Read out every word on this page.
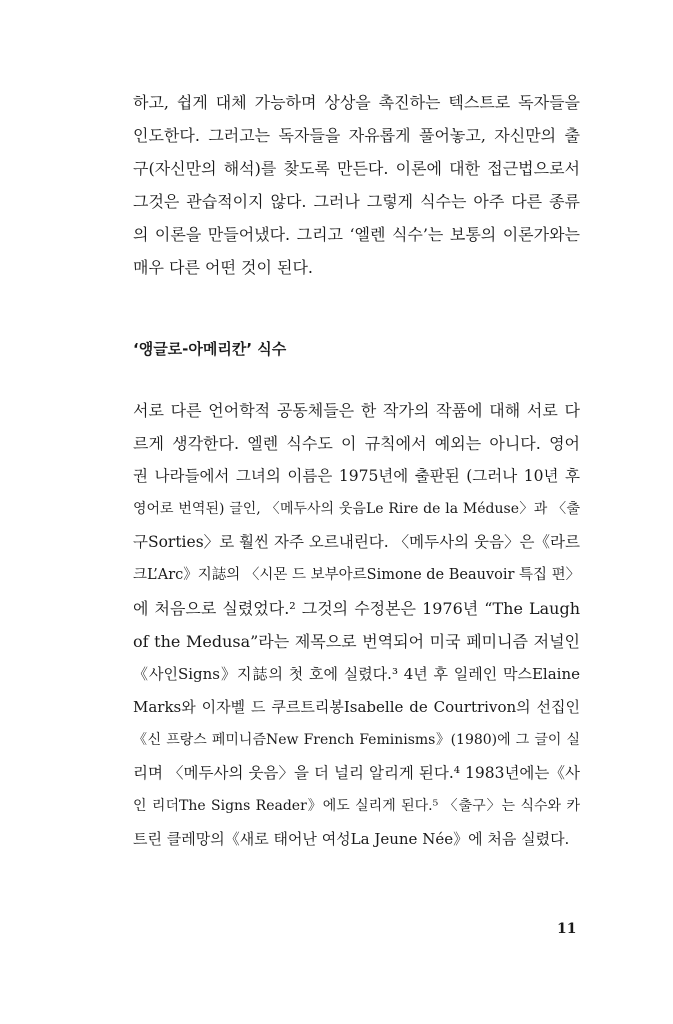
하고, 쉽게 대체 가능하며 상상을 촉진하는 텍스트로 독자들을
인도한다. 그러고는 독자들을 자유롭게 풀어놓고, 자신만의 출
구(자신만의 해석)를 찾도록 만든다. 이론에 대한 접근법으로서
그것은 관습적이지 않다. 그러나 그렇게 식수는 아주 다른 종류
의 이론을 만들어냈다. 그리고 ‘엘렌 식수’는 보통의 이론가와는
매우 다른 어떤 것이 된다.
‘앵글로-아메리칸’ 식수
서로 다른 언어학적 공동체들은 한 작가의 작품에 대해 서로 다
르게 생각한다. 엘렌 식수도 이 규칙에서 예외는 아니다. 영어
권 나라들에서 그녀의 이름은 1975년에 출판된 (그러나 10년 후
영어로 번역된) 글인, 〈메두사의 웃음Le Rire de la Méduse〉과 〈출
구Sorties〉로 훨씬 자주 오르내린다. 〈메두사의 웃음〉은《라르
크L’Arc》지誌의 〈시몬 드 보부아르Simone de Beauvoir 특집 편〉
에 처음으로 실렸었다.² 그것의 수정본은 1976년 “The Laugh
of the Medusa”라는 제목으로 번역되어 미국 페미니즘 저널인
《사인Signs》지誌의 첫 호에 실렸다.³ 4년 후 일레인 막스Elaine
Marks와 이자벨 드 쿠르트리봉Isabelle de Courtrivon의 선집인
《신 프랑스 페미니즘New French Feminisms》(1980)에 그 글이 실
리며 〈메두사의 웃음〉을 더 널리 알리게 된다.⁴ 1983년에는《사
인 리더The Signs Reader》에도 실리게 된다.⁵ 〈출구〉는 식수와 카
트린 클레망의《새로 태어난 여성La Jeune Née》에 처음 실렸다.
11
